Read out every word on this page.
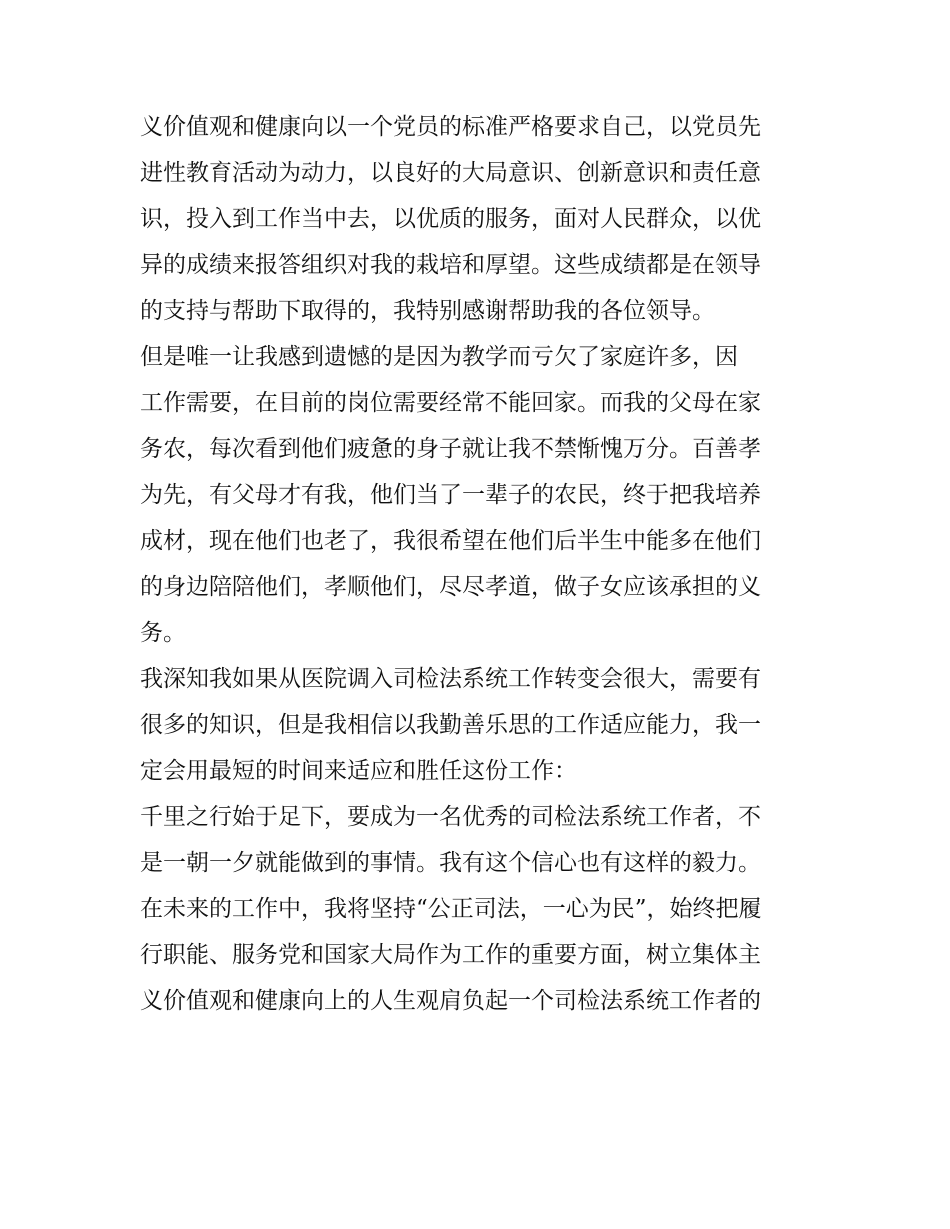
义价值观和健康向以一个党员的标准严格要求自己，以党员先
进性教育活动为动力，以良好的大局意识、创新意识和责任意
识，投入到工作当中去，以优质的服务，面对人民群众，以优
异的成绩来报答组织对我的栽培和厚望。这些成绩都是在领导
的支持与帮助下取得的，我特别感谢帮助我的各位领导。
但是唯一让我感到遗憾的是因为教学而亏欠了家庭许多，因
工作需要，在目前的岗位需要经常不能回家。而我的父母在家
务农，每次看到他们疲惫的身子就让我不禁惭愧万分。百善孝
为先，有父母才有我，他们当了一辈子的农民，终于把我培养
成材，现在他们也老了，我很希望在他们后半生中能多在他们
的身边陪陪他们，孝顺他们，尽尽孝道，做子女应该承担的义
务。
我深知我如果从医院调入司检法系统工作转变会很大，需要有
很多的知识，但是我相信以我勤善乐思的工作适应能力，我一
定会用最短的时间来适应和胜任这份工作：
千里之行始于足下，要成为一名优秀的司检法系统工作者，不
是一朝一夕就能做到的事情。我有这个信心也有这样的毅力。
在未来的工作中，我将坚持“公正司法，一心为民”，始终把履
行职能、服务党和国家大局作为工作的重要方面，树立集体主
义价值观和健康向上的人生观肩负起一个司检法系统工作者的
